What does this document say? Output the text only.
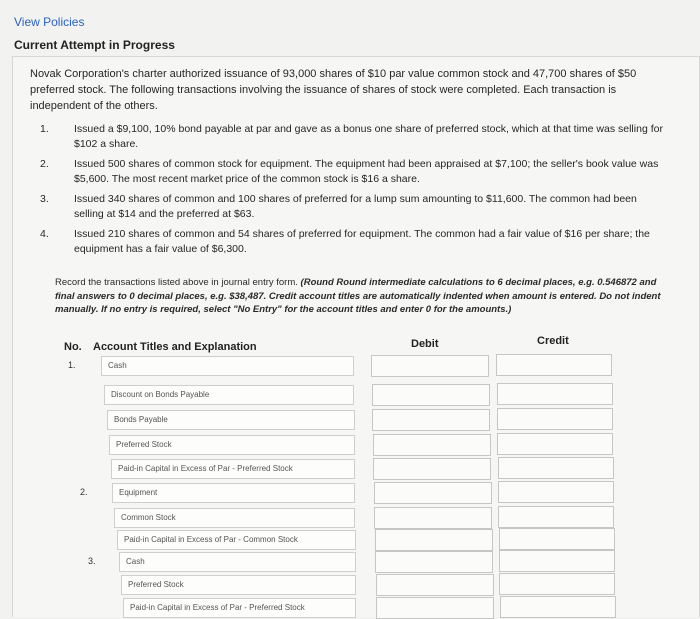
View Policies
Current Attempt in Progress
Novak Corporation's charter authorized issuance of 93,000 shares of $10 par value common stock and 47,700 shares of $50 preferred stock. The following transactions involving the issuance of shares of stock were completed. Each transaction is independent of the others.
1.	Issued a $9,100, 10% bond payable at par and gave as a bonus one share of preferred stock, which at that time was selling for $102 a share.
2.	Issued 500 shares of common stock for equipment. The equipment had been appraised at $7,100; the seller's book value was $5,600. The most recent market price of the common stock is $16 a share.
3.	Issued 340 shares of common and 100 shares of preferred for a lump sum amounting to $11,600. The common had been selling at $14 and the preferred at $63.
4.	Issued 210 shares of common and 54 shares of preferred for equipment. The common had a fair value of $16 per share; the equipment has a fair value of $6,300.
Record the transactions listed above in journal entry form. (Round Round intermediate calculations to 6 decimal places, e.g. 0.546872 and final answers to 0 decimal places, e.g. $38,487. Credit account titles are automatically indented when amount is entered. Do not indent manually. If no entry is required, select "No Entry" for the account titles and enter 0 for the amounts.)
No. Account Titles and Explanation	Debit	Credit
1.	Cash
Discount on Bonds Payable
Bonds Payable
Preferred Stock
Paid-in Capital in Excess of Par - Preferred Stock
2.	Equipment
Common Stock
Paid-in Capital in Excess of Par - Common Stock
3.	Cash
Preferred Stock
Paid-in Capital in Excess of Par - Preferred Stock
